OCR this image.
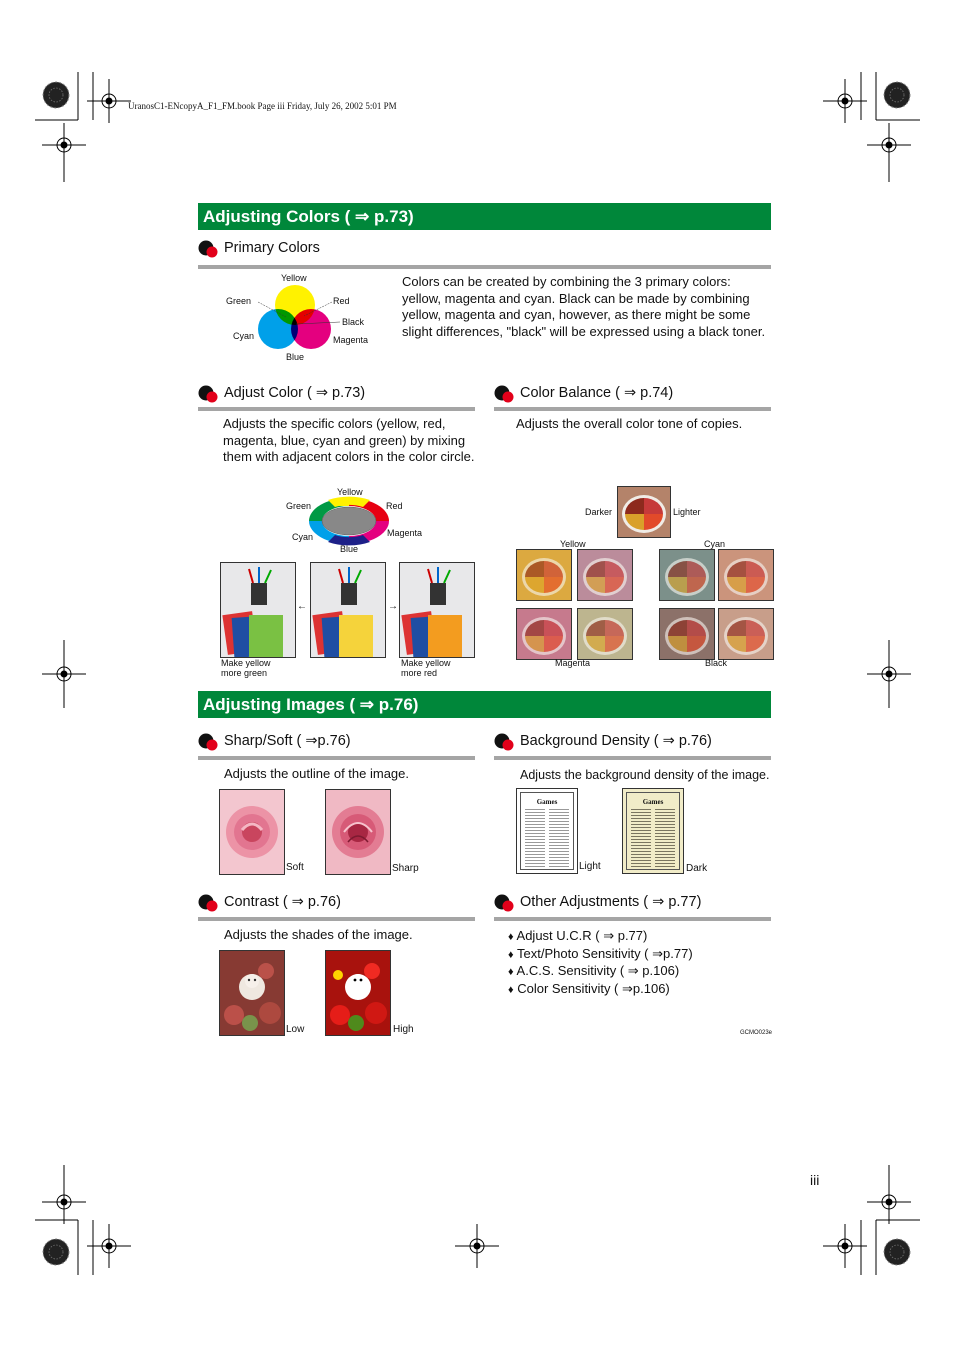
UranosC1-ENcopyA_F1_FM.book Page iii Friday, July 26, 2002 5:01 PM
Adjusting Colors ( ⇒ p.73)
Primary Colors
Yellow
Green	Red
Black
Cyan	Magenta
Blue
Colors can be created by combining the 3 primary colors: yellow, magenta and cyan. Black can be made by combining yellow, magenta and cyan, however, as there might be some slight differences, "black" will be expressed using a black toner.
Adjust Color ( ⇒ p.73)
Adjusts the specific colors (yellow, red, magenta, blue, cyan and green) by mixing them with adjacent colors in the color circle.
Yellow
Green	Red
Cyan	Magenta
Blue
←	→
Make yellow
more green
Make yellow
more red
Color Balance ( ⇒ p.74)
Adjusts the overall color tone of copies.
Darker	Lighter
Yellow	Cyan
Magenta	Black
Adjusting Images ( ⇒ p.76)
Sharp/Soft ( ⇒p.76)
Adjusts the outline of the image.
Soft	Sharp
Background Density ( ⇒ p.76)
Adjusts the background density of the image.
Games
Light
Games
Dark
Contrast ( ⇒ p.76)
Adjusts the shades of the image.
Low	High
Other Adjustments ( ⇒ p.77)
♦ Adjust U.C.R ( ⇒ p.77)
♦ Text/Photo Sensitivity ( ⇒p.77)
♦ A.C.S. Sensitivity ( ⇒ p.106)
♦ Color Sensitivity ( ⇒p.106)
GCMO023e
iii
